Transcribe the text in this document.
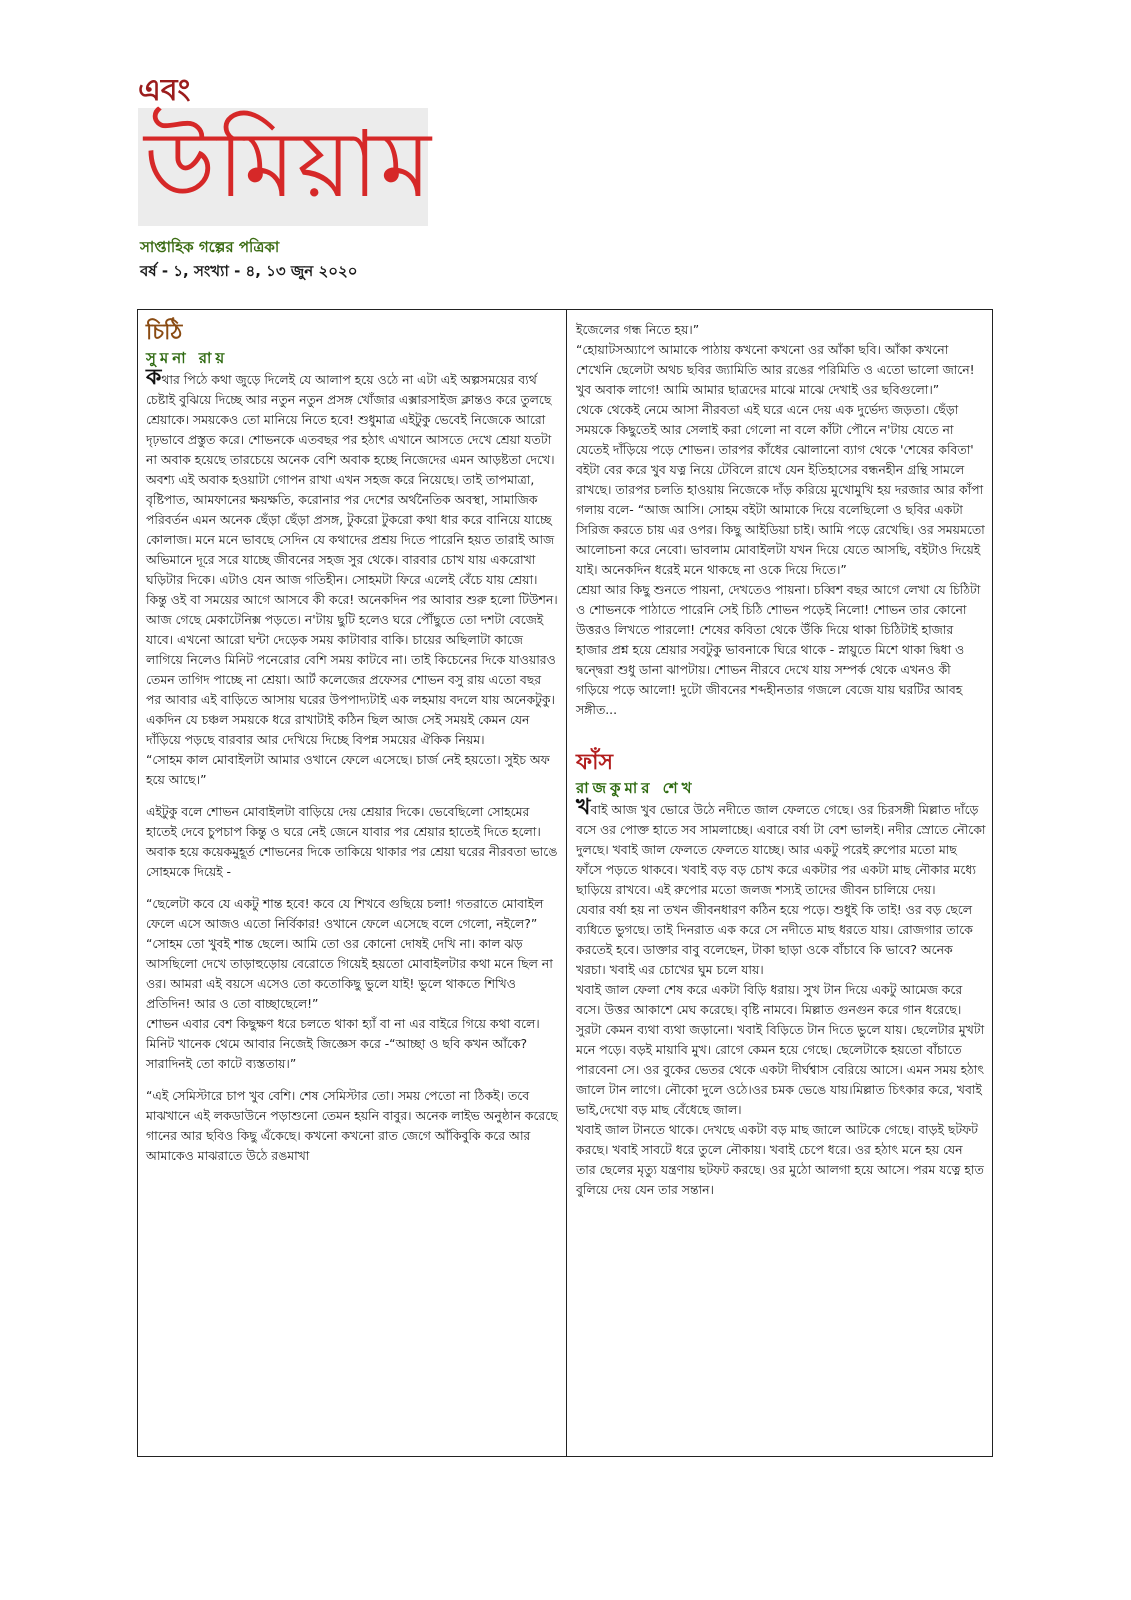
এবং
উমিয়াম
সাপ্তাহিক গল্পের পত্রিকা
বর্ষ - ১, সংখ্যা - ৪, ১৩ জুন ২০২০

চিঠি

সুমনা রায়

কথার পিঠে কথা জুড়ে দিলেই যে আলাপ হয়ে ওঠে না এটা এই অল্পসময়ের ব্যর্থ চেষ্টাই বুঝিয়ে দিচ্ছে আর নতুন নতুন প্রসঙ্গ খোঁজার এক্সারসাইজ ক্লান্তও করে তুলছে শ্রেয়াকে। সময়কেও তো মানিয়ে নিতে হবে! শুধুমাত্র এইটুকু ভেবেই নিজেকে আরো দৃঢ়ভাবে প্রস্তুত করে। শোভনকে এতবছর পর হঠাৎ এখানে আসতে দেখে শ্রেয়া যতটা না অবাক হয়েছে তারচেয়ে অনেক বেশি অবাক হচ্ছে নিজেদের এমন আড়ষ্টতা দেখে। অবশ্য এই অবাক হওয়াটা গোপন রাখা এখন সহজ করে নিয়েছে। তাই তাপমাত্রা, বৃষ্টিপাত, আমফানের ক্ষয়ক্ষতি, করোনার পর দেশের অর্থনৈতিক অবস্থা, সামাজিক পরিবর্তন এমন অনেক ছেঁড়া ছেঁড়া প্রসঙ্গ, টুকরো টুকরো কথা ধার করে বানিয়ে যাচ্ছে কোলাজ। মনে মনে ভাবছে সেদিন যে কথাদের প্রশ্রয় দিতে পারেনি হয়ত তারাই আজ অভিমানে দূরে সরে যাচ্ছে জীবনের সহজ সুর থেকে। বারবার চোখ যায় একরোখা ঘড়িটার দিকে। এটাও যেন আজ গতিহীন। সোহমটা ফিরে এলেই বেঁচে যায় শ্রেয়া। কিন্তু ওই বা সময়ের আগে আসবে কী করে! অনেকদিন পর আবার শুরু হলো টিউশন। আজ গেছে মেকাটেনিক্স পড়তে। ন'টায় ছুটি হলেও ঘরে পৌঁছুতে তো দশটা বেজেই যাবে। এখনো আরো ঘন্টা দেড়েক সময় কাটাবার বাকি। চায়ের অছিলাটা কাজে লাগিয়ে নিলেও মিনিট পনেরোর বেশি সময় কাটবে না। তাই কিচেনের দিকে যাওয়ারও তেমন তাগিদ পাচ্ছে না শ্রেয়া। আর্ট কলেজের প্রফেসর শোভন বসু রায় এতো বছর পর আবার এই বাড়িতে আসায় ঘরের উপপাদ্যটাই এক লহমায় বদলে যায় অনেকটুকু। একদিন যে চঞ্চল সময়কে ধরে রাখাটাই কঠিন ছিল আজ সেই সময়ই কেমন যেন দাঁড়িয়ে পড়ছে বারবার আর দেখিয়ে দিচ্ছে বিপন্ন সময়ের ঐকিক নিয়ম।

“সোহম কাল মোবাইলটা আমার ওখানে ফেলে এসেছে। চার্জ নেই হয়তো। সুইচ অফ হয়ে আছে।”

এইটুকু বলে শোভন মোবাইলটা বাড়িয়ে দেয় শ্রেয়ার দিকে। ভেবেছিলো সোহমের হাতেই দেবে চুপচাপ কিন্তু ও ঘরে নেই জেনে যাবার পর শ্রেয়ার হাতেই দিতে হলো। অবাক হয়ে কয়েকমুহূর্ত শোভনের দিকে তাকিয়ে থাকার পর শ্রেয়া ঘরের নীরবতা ভাঙে সোহমকে দিয়েই -

“ছেলেটা কবে যে একটু শান্ত হবে! কবে যে শিখবে গুছিয়ে চলা! গতরাতে মোবাইল ফেলে এসে আজও এতো নির্বিকার! ওখানে ফেলে এসেছে বলে গেলো, নইলে?”

“সোহম তো খুবই শান্ত ছেলে। আমি তো ওর কোনো দোষই দেখি না। কাল ঝড় আসছিলো দেখে তাড়াহুড়োয় বেরোতে গিয়েই হয়তো মোবাইলটার কথা মনে ছিল না ওর। আমরা এই বয়সে এসেও তো কতোকিছু ভুলে যাই! ভুলে থাকতে শিখিও প্রতিদিন! আর ও তো বাচ্ছাছেলে!”

শোভন এবার বেশ কিছুক্ষণ ধরে চলতে থাকা হ্যাঁ বা না এর বাইরে গিয়ে কথা বলে। মিনিট খানেক থেমে আবার নিজেই জিজ্ঞেস করে -“আচ্ছা ও ছবি কখন আঁকে? সারাদিনই তো কাটে ব্যস্ততায়।”

“এই সেমিস্টারে চাপ খুব বেশি। শেষ সেমিস্টার তো। সময় পেতো না ঠিকই। তবে মাঝখানে এই লকডাউনে পড়াশুনো তেমন হয়নি বাবুর। অনেক লাইভ অনুষ্ঠান করেছে গানের আর ছবিও কিছু এঁকেছে। কখনো কখনো রাত জেগে আঁকিবুকি করে আর আমাকেও মাঝরাতে উঠে রঙমাখা

ইজেলের গন্ধ নিতে হয়।”

“হোয়াটসঅ্যাপে আমাকে পাঠায় কখনো কখনো ওর আঁকা ছবি। আঁকা কখনো শেখেনি ছেলেটা অথচ ছবির জ্যামিতি আর রঙের পরিমিতি ও এতো ভালো জানে! খুব অবাক লাগে! আমি আমার ছাত্রদের মাঝে মাঝে দেখাই ওর ছবিগুলো।”

থেকে থেকেই নেমে আসা নীরবতা এই ঘরে এনে দেয় এক দুর্ভেদ্য জড়তা। ছেঁড়া সময়কে কিছুতেই আর সেলাই করা গেলো না বলে কাঁটা পৌনে ন'টায় যেতে না যেতেই দাঁড়িয়ে পড়ে শোভন। তারপর কাঁধের ঝোলানো ব্যাগ থেকে 'শেষের কবিতা' বইটা বের করে খুব যত্ন নিয়ে টেবিলে রাখে যেন ইতিহাসের বন্ধনহীন গ্রন্থি সামলে রাখছে। তারপর চলতি হাওয়ায় নিজেকে দাঁড় করিয়ে মুখোমুখি হয় দরজার আর কাঁপা গলায় বলে- “আজ আসি। সোহম বইটা আমাকে দিয়ে বলেছিলো ও ছবির একটা সিরিজ করতে চায় এর ওপর। কিছু আইডিয়া চাই। আমি পড়ে রেখেছি। ওর সময়মতো আলোচনা করে নেবো। ভাবলাম মোবাইলটা যখন দিয়ে যেতে আসছি, বইটাও দিয়েই যাই। অনেকদিন ধরেই মনে থাকছে না ওকে দিয়ে দিতে।”

শ্রেয়া আর কিছু শুনতে পায়না, দেখতেও পায়না। চব্বিশ বছর আগে লেখা যে চিঠিটা ও শোভনকে পাঠাতে পারেনি সেই চিঠি শোভন পড়েই নিলো! শোভন তার কোনো উত্তরও লিখতে পারলো! শেষের কবিতা থেকে উঁকি দিয়ে থাকা চিঠিটাই হাজার হাজার প্রশ্ন হয়ে শ্রেয়ার সবটুকু ভাবনাকে ঘিরে থাকে - স্নায়ুতে মিশে থাকা দ্বিধা ও দ্বন্দ্বেরা শুধু ডানা ঝাপটায়। শোভন নীরবে দেখে যায় সম্পর্ক থেকে এখনও কী গড়িয়ে পড়ে আলো! দুটো জীবনের শব্দহীনতার গজলে বেজে যায় ঘরটির আবহ সঙ্গীত...

ফাঁস

রাজকুমার শেখ

খবাই আজ খুব ভোরে উঠে নদীতে জাল ফেলতে গেছে। ওর চিরসঙ্গী মিল্লাত দাঁড়ে বসে ওর পোক্ত হাতে সব সামলাচ্ছে। এবারে বর্ষা টা বেশ ভালই। নদীর স্রোতে নৌকো দুলছে। খবাই জাল ফেলতে ফেলতে যাচ্ছে। আর একটু পরেই রুপোর মতো মাছ ফাঁসে পড়তে থাকবে। খবাই বড় বড় চোখ করে একটার পর একটা মাছ নৌকার মধ্যে ছাড়িয়ে রাখবে। এই রুপোর মতো জলজ শস্যই তাদের জীবন চালিয়ে দেয়।

যেবার বর্ষা হয় না তখন জীবনধারণ কঠিন হয়ে পড়ে। শুধুই কি তাই! ওর বড় ছেলে ব্যধিতে ভুগছে। তাই দিনরাত এক করে সে নদীতে মাছ ধরতে যায়। রোজগার তাকে করতেই হবে। ডাক্তার বাবু বলেছেন, টাকা ছাড়া ওকে বাঁচাবে কি ভাবে? অনেক খরচা। খবাই এর চোখের ঘুম চলে যায়।

খবাই জাল ফেলা শেষ করে একটা বিড়ি ধরায়। সুখ টান দিয়ে একটু আমেজ করে বসে। উত্তর আকাশে মেঘ করেছে। বৃষ্টি নামবে। মিল্লাত গুনগুন করে গান ধরেছে। সুরটা কেমন ব্যথা ব্যথা জড়ানো। খবাই বিড়িতে টান দিতে ভুলে যায়। ছেলেটার মুখটা মনে পড়ে। বড়ই মায়াবি মুখ। রোগে কেমন হয়ে গেছে। ছেলেটাকে হয়তো বাঁচাতে পারবেনা সে। ওর বুকের ভেতর থেকে একটা দীর্ঘশ্বাস বেরিয়ে আসে। এমন সময় হঠাৎ জালে টান লাগে। নৌকো দুলে ওঠে।ওর চমক ভেঙে যায়।মিল্লাত চিৎকার করে, খবাই ভাই,দেখো বড় মাছ বেঁধেছে জাল।

খবাই জাল টানতে থাকে। দেখছে একটা বড় মাছ জালে আটকে গেছে। বাড়ই ছটফট করছে। খবাই সাবটে ধরে তুলে নৌকায়। খবাই চেপে ধরে। ওর হঠাৎ মনে হয় যেন তার ছেলের মৃত্যু যন্ত্রণায় ছটফট করছে। ওর মুঠো আলগা হয়ে আসে। পরম যত্নে হাত বুলিয়ে দেয় যেন তার সন্তান।
